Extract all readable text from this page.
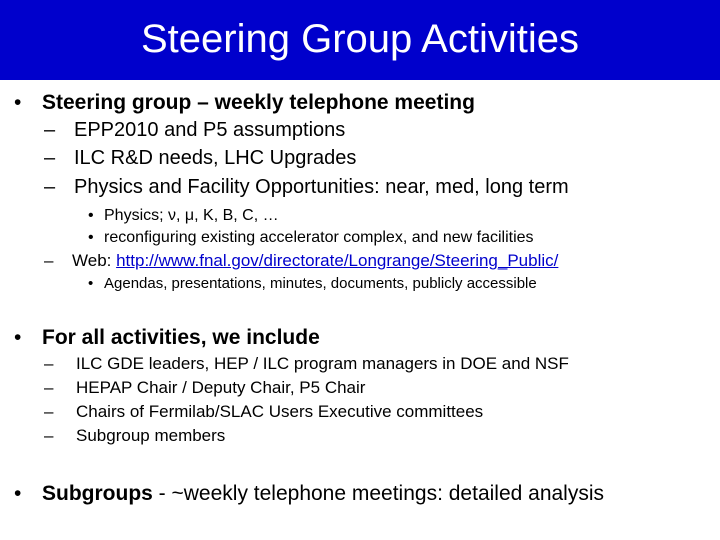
Steering Group Activities
• Steering group – weekly telephone meeting
– EPP2010 and P5 assumptions
– ILC R&D needs, LHC Upgrades
– Physics and Facility Opportunities: near, med, long term
• Physics; ν, μ, K, B, C, …
• reconfiguring existing accelerator complex, and new facilities
– Web: http://www.fnal.gov/directorate/Longrange/Steering_Public/
• Agendas, presentations, minutes, documents, publicly accessible
• For all activities, we include
– ILC GDE leaders, HEP / ILC program managers in DOE and NSF
– HEPAP Chair / Deputy Chair, P5 Chair
– Chairs of Fermilab/SLAC Users Executive committees
– Subgroup members
• Subgroups - ~weekly telephone meetings: detailed analysis
